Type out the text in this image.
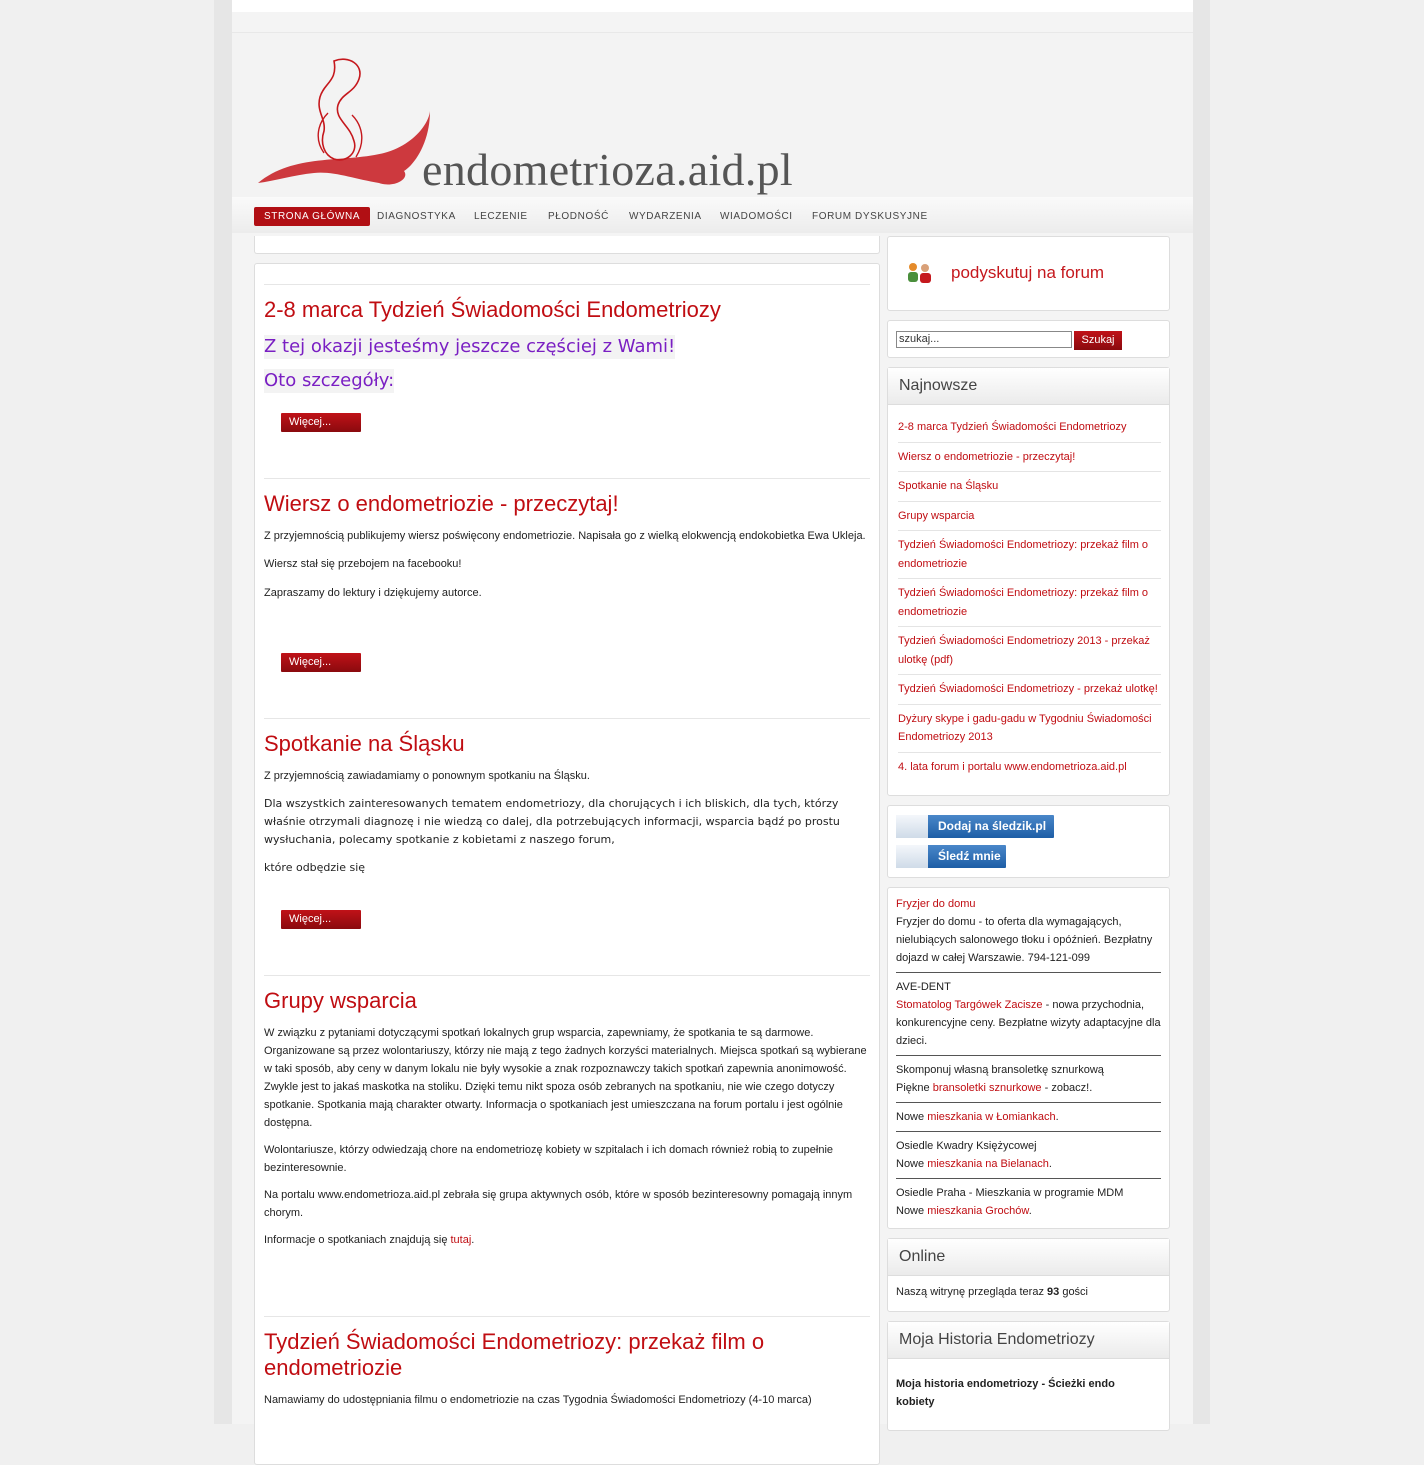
endometrioza.aid.pl
STRONA GŁÓWNA	DIAGNOSTYKA	LECZENIE	PŁODNOŚĆ	WYDARZENIA	WIADOMOŚCI	FORUM DYSKUSYJNE
2-8 marca Tydzień Świadomości Endometriozy
Z tej okazji jesteśmy jeszcze częściej z Wami!
Oto szczegóły:
Więcej...
Wiersz o endometriozie - przeczytaj!

Z przyjemnością publikujemy wiersz poświęcony endometriozie. Napisała go z wielką elokwencją endokobietka Ewa Ukleja.

Wiersz stał się przebojem na facebooku!

Zapraszamy do lektury i dziękujemy autorce.

Więcej...
Spotkanie na Śląsku

Z przyjemnością zawiadamiamy o ponownym spotkaniu na Śląsku.

Dla wszystkich zainteresowanych tematem endometriozy, dla chorujących i ich bliskich, dla tych, którzy właśnie otrzymali diagnozę i nie wiedzą co dalej, dla potrzebujących informacji, wsparcia bądź po prostu wysłuchania, polecamy spotkanie z kobietami z naszego forum,

które odbędzie się

Więcej...
Grupy wsparcia

W związku z pytaniami dotyczącymi spotkań lokalnych grup wsparcia, zapewniamy, że spotkania te są darmowe. Organizowane są przez wolontariuszy, którzy nie mają z tego żadnych korzyści materialnych. Miejsca spotkań są wybierane w taki sposób, aby ceny w danym lokalu nie były wysokie a znak rozpoznawczy takich spotkań zapewnia anonimowość. Zwykle jest to jakaś maskotka na stoliku. Dzięki temu nikt spoza osób zebranych na spotkaniu, nie wie czego dotyczy spotkanie. Spotkania mają charakter otwarty. Informacja o spotkaniach jest umieszczana na forum portalu i jest ogólnie dostępna.

Wolontariusze, którzy odwiedzają chore na endometriozę kobiety w szpitalach i ich domach również robią to zupełnie bezinteresownie.

Na portalu www.endometrioza.aid.pl zebrała się grupa aktywnych osób, które w sposób bezinteresowny pomagają innym chorym.

Informacje o spotkaniach znajdują się tutaj.

Tydzień Świadomości Endometriozy: przekaż film o endometriozie

Namawiamy do udostępniania filmu o endometriozie na czas Tygodnia Świadomości Endometriozy (4-10 marca)

podyskutuj na forum
szukaj...	Szukaj
Najnowsze
2-8 marca Tydzień Świadomości Endometriozy
Wiersz o endometriozie - przeczytaj!
Spotkanie na Śląsku
Grupy wsparcia
Tydzień Świadomości Endometriozy: przekaż film o endometriozie
Tydzień Świadomości Endometriozy: przekaż film o endometriozie
Tydzień Świadomości Endometriozy 2013 - przekaż ulotkę (pdf)
Tydzień Świadomości Endometriozy - przekaż ulotkę!
Dyżury skype i gadu-gadu w Tygodniu Świadomości Endometriozy 2013
4. lata forum i portalu www.endometrioza.aid.pl
Dodaj na śledzik.pl
Śledź mnie
Fryzjer do domu
Fryzjer do domu - to oferta dla wymagających, nielubiących salonowego tłoku i opóźnień. Bezpłatny dojazd w całej Warszawie. 794-121-099
AVE-DENT
Stomatolog Targówek Zacisze - nowa przychodnia, konkurencyjne ceny. Bezpłatne wizyty adaptacyjne dla dzieci.
Skomponuj własną bransoletkę sznurkową
Piękne bransoletki sznurkowe - zobacz!.
Nowe mieszkania w Łomiankach.
Osiedle Kwadry Księżycowej
Nowe mieszkania na Bielanach.
Osiedle Praha - Mieszkania w programie MDM
Nowe mieszkania Grochów.
Online
Naszą witrynę przegląda teraz 93 gości
Moja Historia Endometriozy
Moja historia endometriozy - Ścieżki endo kobiety
